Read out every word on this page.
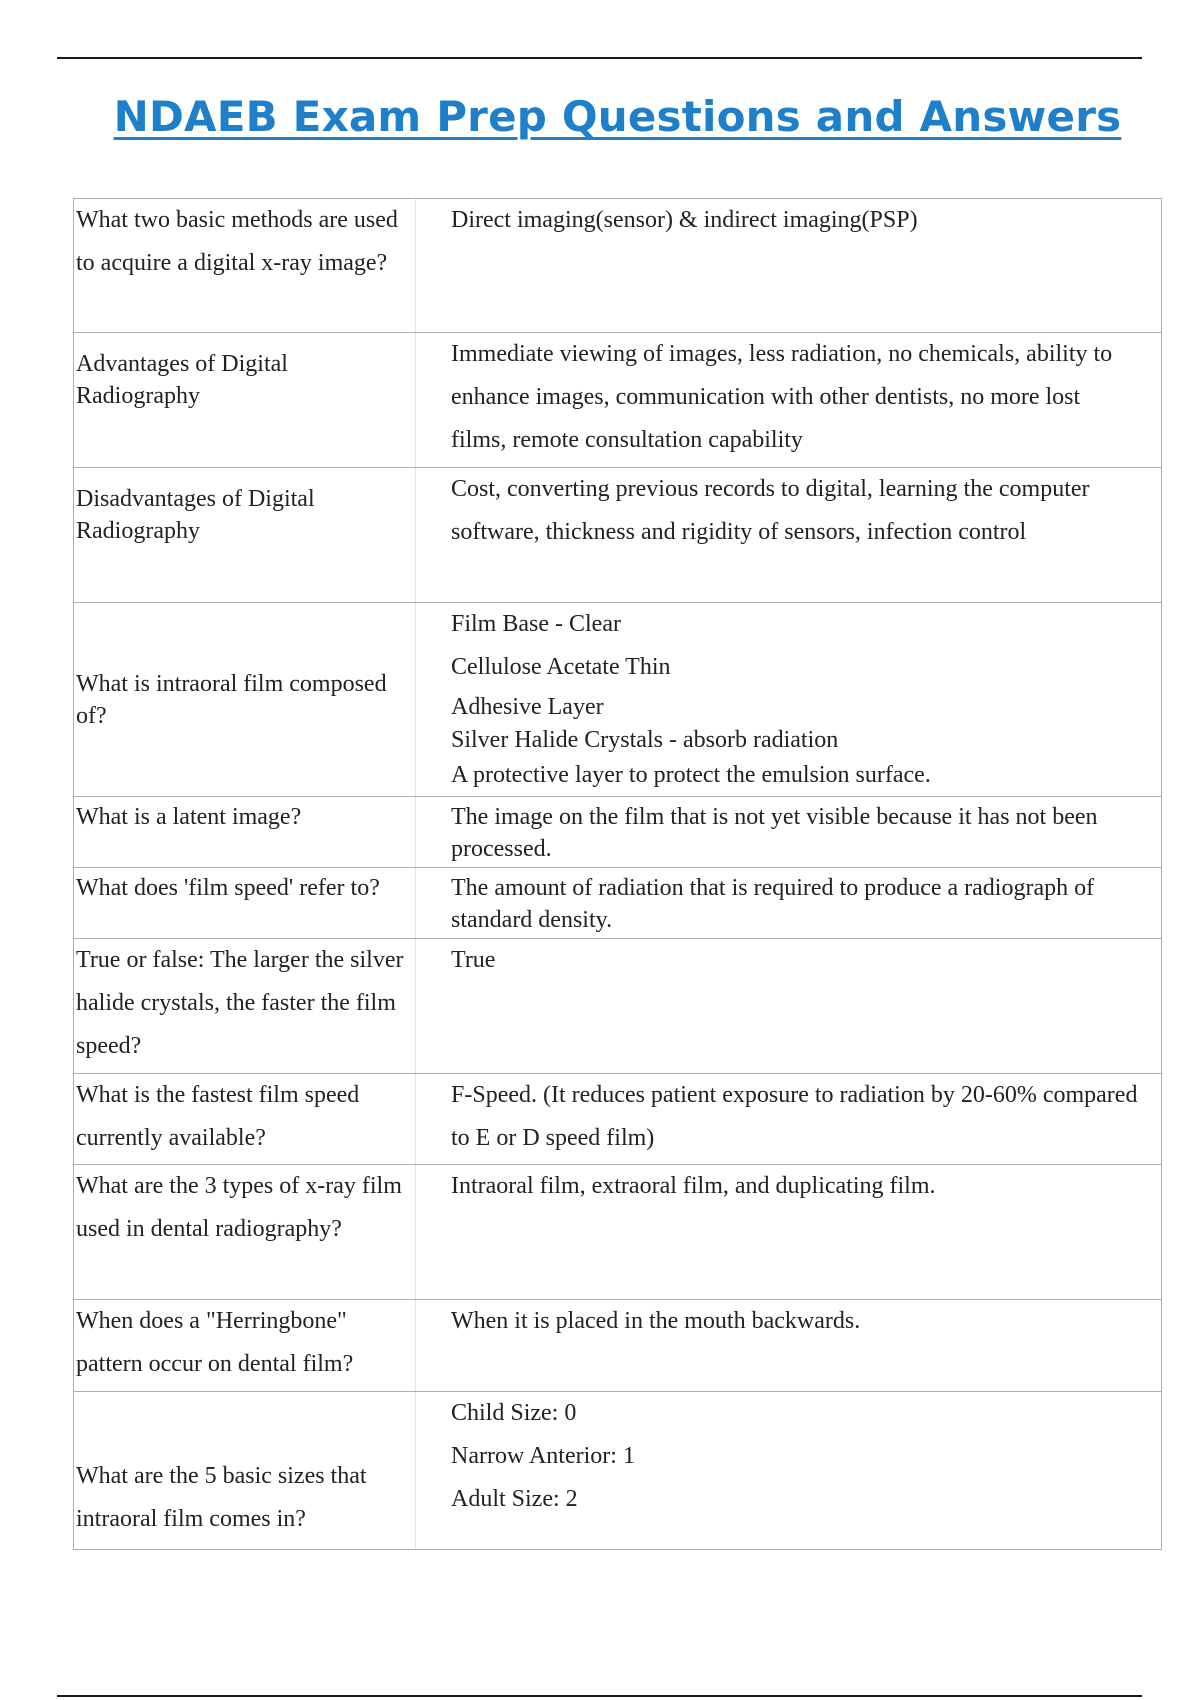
NDAEB Exam Prep Questions and Answers
What two basic methods are used to acquire a digital x-ray image?	Direct imaging(sensor) & indirect imaging(PSP)

Advantages of Digital Radiography	Immediate viewing of images, less radiation, no chemicals, ability to enhance images, communication with other dentists, no more lost films, remote consultation capability

Disadvantages of Digital Radiography	Cost, converting previous records to digital, learning the computer software, thickness and rigidity of sensors, infection control

What is intraoral film composed of?	Film Base - Clear
Cellulose Acetate Thin
Adhesive Layer
Silver Halide Crystals - absorb radiation
A protective layer to protect the emulsion surface.

What is a latent image?	The image on the film that is not yet visible because it has not been processed.

What does 'film speed' refer to?	The amount of radiation that is required to produce a radiograph of standard density.

True or false: The larger the silver halide crystals, the faster the film speed?	True

What is the fastest film speed currently available?	F-Speed. (It reduces patient exposure to radiation by 20-60% compared to E or D speed film)

What are the 3 types of x-ray film used in dental radiography?	Intraoral film, extraoral film, and duplicating film.

When does a "Herringbone" pattern occur on dental film?	When it is placed in the mouth backwards.

What are the 5 basic sizes that intraoral film comes in?	Child Size: 0
Narrow Anterior: 1
Adult Size: 2
